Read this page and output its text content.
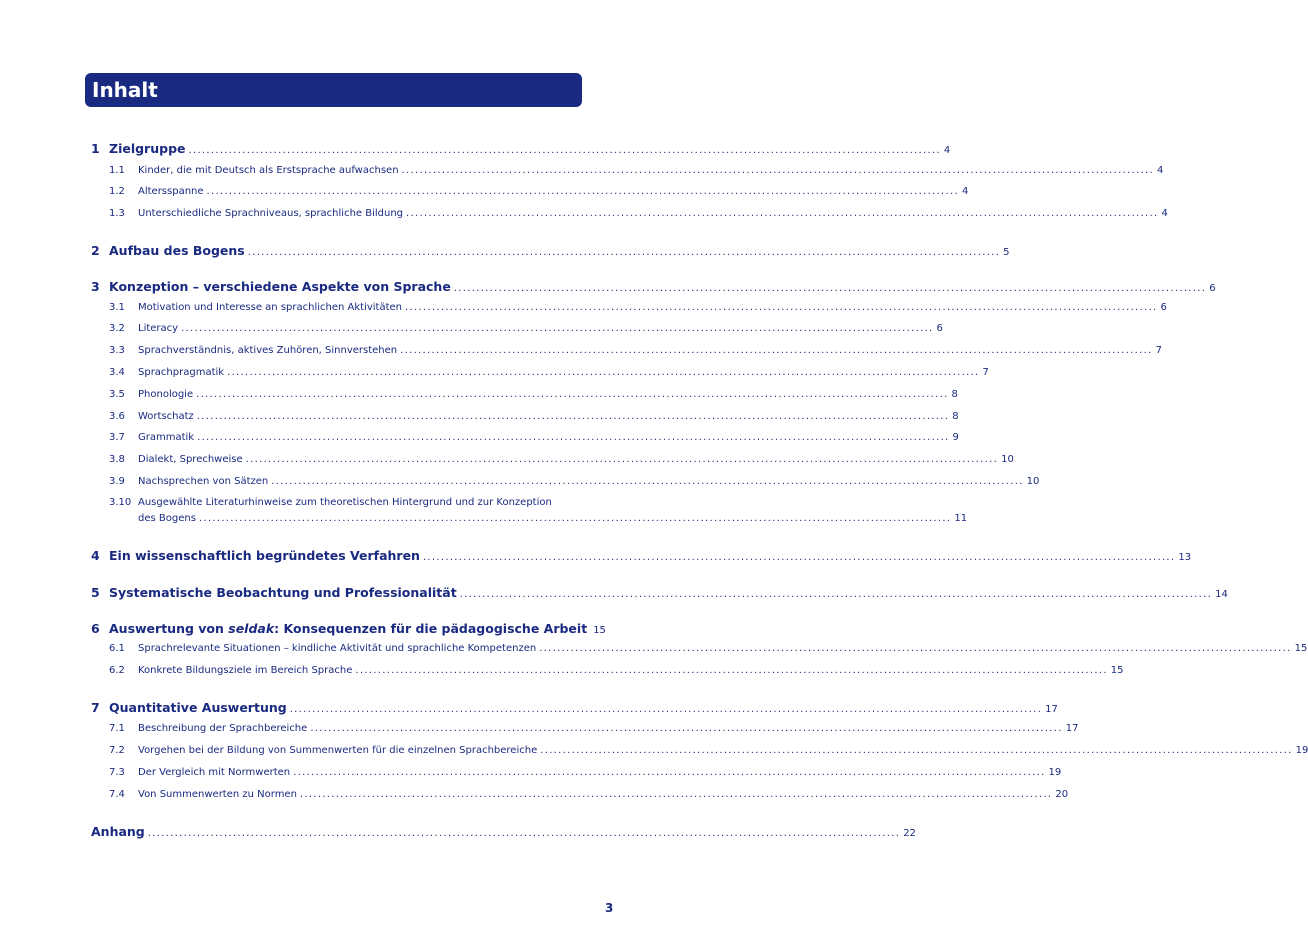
Inhalt
1 Zielgruppe ........................................................................................................................................................................ 4
1.1	Kinder, die mit Deutsch als Erstsprache aufwachsen ........................................................................................................................................................................ 4
1.2	Altersspanne ........................................................................................................................................................................ 4
1.3	Unterschiedliche Sprachniveaus, sprachliche Bildung ........................................................................................................................................................................ 4
2 Aufbau des Bogens ........................................................................................................................................................................ 5
3 Konzeption – verschiedene Aspekte von Sprache ........................................................................................................................................................................ 6
3.1	Motivation und Interesse an sprachlichen Aktivitäten ........................................................................................................................................................................ 6
3.2	Literacy ........................................................................................................................................................................ 6
3.3	Sprachverständnis, aktives Zuhören, Sinnverstehen ........................................................................................................................................................................ 7
3.4	Sprachpragmatik ........................................................................................................................................................................ 7
3.5	Phonologie ........................................................................................................................................................................ 8
3.6	Wortschatz ........................................................................................................................................................................ 8
3.7	Grammatik ........................................................................................................................................................................ 9
3.8	Dialekt, Sprechweise ........................................................................................................................................................................ 10
3.9	Nachsprechen von Sätzen ........................................................................................................................................................................ 10
3.10 Ausgewählte Literaturhinweise zum theoretischen Hintergrund und zur Konzeption
des Bogens ........................................................................................................................................................................ 11
4 Ein wissenschaftlich begründetes Verfahren ........................................................................................................................................................................ 13
5 Systematische Beobachtung und Professionalität ........................................................................................................................................................................ 14
6 Auswertung von seldak: Konsequenzen für die pädagogische Arbeit 15
6.1	Sprachrelevante Situationen – kindliche Aktivität und sprachliche Kompetenzen ........................................................................................................................................................................ 15
6.2	Konkrete Bildungsziele im Bereich Sprache ........................................................................................................................................................................ 15
7 Quantitative Auswertung ........................................................................................................................................................................ 17
7.1	Beschreibung der Sprachbereiche ........................................................................................................................................................................ 17
7.2	Vorgehen bei der Bildung von Summenwerten für die einzelnen Sprachbereiche ........................................................................................................................................................................ 19
7.3	Der Vergleich mit Normwerten ........................................................................................................................................................................ 19
7.4	Von Summenwerten zu Normen ........................................................................................................................................................................ 20
Anhang ........................................................................................................................................................................ 22
3
